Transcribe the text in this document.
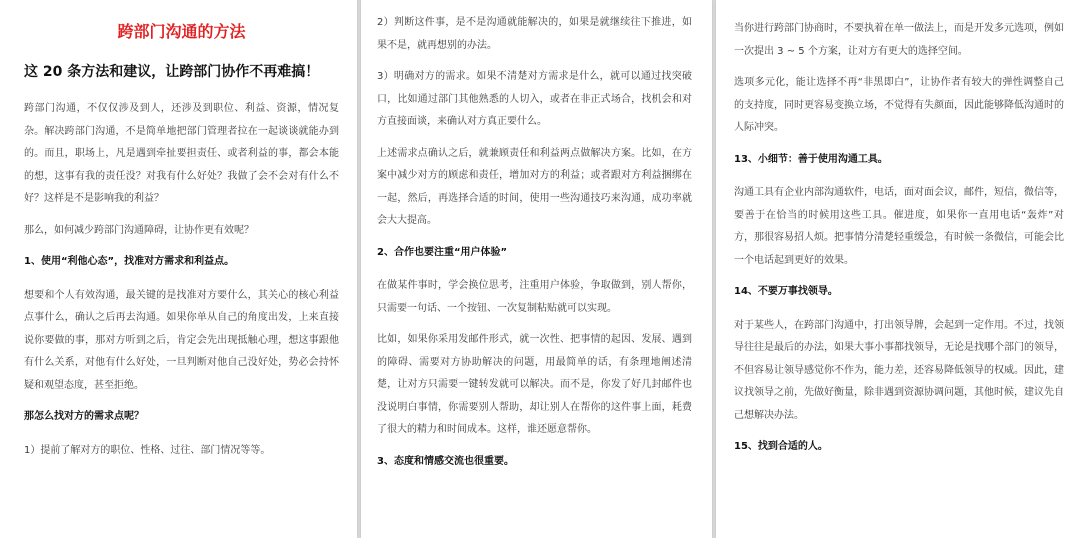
跨部门沟通的方法
这 20 条方法和建议，让跨部门协作不再难搞！

跨部门沟通，不仅仅涉及到人，还涉及到职位、利益、资源，情况复杂。解决跨部门沟通，不是简单地把部门管理者拉在一起谈谈就能办到的。而且，职场上，凡是遇到牵扯要担责任、或者利益的事，都会本能的想，这事有我的责任没？对我有什么好处？我做了会不会对有什么不好？这样是不是影响我的利益？

那么，如何减少跨部门沟通障碍，让协作更有效呢？

1、使用“利他心态”，找准对方需求和利益点。

想要和个人有效沟通，最关键的是找准对方要什么，其关心的核心利益点事什么，确认之后再去沟通。如果你单从自己的角度出发，上来直接说你要做的事，那对方听到之后，肯定会先出现抵触心理，想这事跟他有什么关系，对他有什么好处，一旦判断对他自己没好处，势必会持怀疑和观望态度，甚至拒绝。

那怎么找对方的需求点呢？

1）提前了解对方的职位、性格、过往、部门情况等等。

2）判断这件事，是不是沟通就能解决的，如果是就继续往下推进，如果不是，就再想别的办法。

3）明确对方的需求。如果不清楚对方需求是什么，就可以通过找突破口，比如通过部门其他熟悉的人切入，或者在非正式场合，找机会和对方直接面谈，来确认对方真正要什么。

上述需求点确认之后，就兼顾责任和利益两点做解决方案。比如，在方案中减少对方的顾虑和责任，增加对方的利益；或者跟对方利益捆绑在一起，然后，再选择合适的时间，使用一些沟通技巧来沟通，成功率就会大大提高。

2、合作也要注重“用户体验”

在做某件事时，学会换位思考，注重用户体验，争取做到，别人帮你，只需要一句话、一个按钮、一次复制粘贴就可以实现。

比如，如果你采用发邮件形式，就一次性、把事情的起因、发展、遇到的障碍、需要对方协助解决的问题，用最简单的话，有条理地阐述清楚，让对方只需要一键转发就可以解决。而不是，你发了好几封邮件也没说明白事情，你需要别人帮助，却让别人在帮你的这件事上面，耗费了很大的精力和时间成本。这样，谁还愿意帮你。

3、态度和情感交流也很重要。

当你进行跨部门协商时，不要执着在单一做法上，而是开发多元选项，例如一次提出 3 ~ 5 个方案，让对方有更大的选择空间。

选项多元化，能让选择不再“非黑即白”，让协作者有较大的弹性调整自己的支持度，同时更容易变换立场，不觉得有失颜面，因此能够降低沟通时的人际冲突。

13、小细节：善于使用沟通工具。

沟通工具有企业内部沟通软件，电话，面对面会议，邮件，短信，微信等，要善于在恰当的时候用这些工具。催进度，如果你一直用电话“轰炸”对方，那很容易招人烦。把事情分清楚轻重缓急，有时候一条微信，可能会比一个电话起到更好的效果。

14、不要万事找领导。

对于某些人，在跨部门沟通中，打出领导牌，会起到一定作用。不过，找领导往往是最后的办法，如果大事小事都找领导，无论是找哪个部门的领导，不但容易让领导感觉你不作为，能力差，还容易降低领导的权威。因此，建议找领导之前，先做好衡量，除非遇到资源协调问题，其他时候，建议先自己想解决办法。

15、找到合适的人。
